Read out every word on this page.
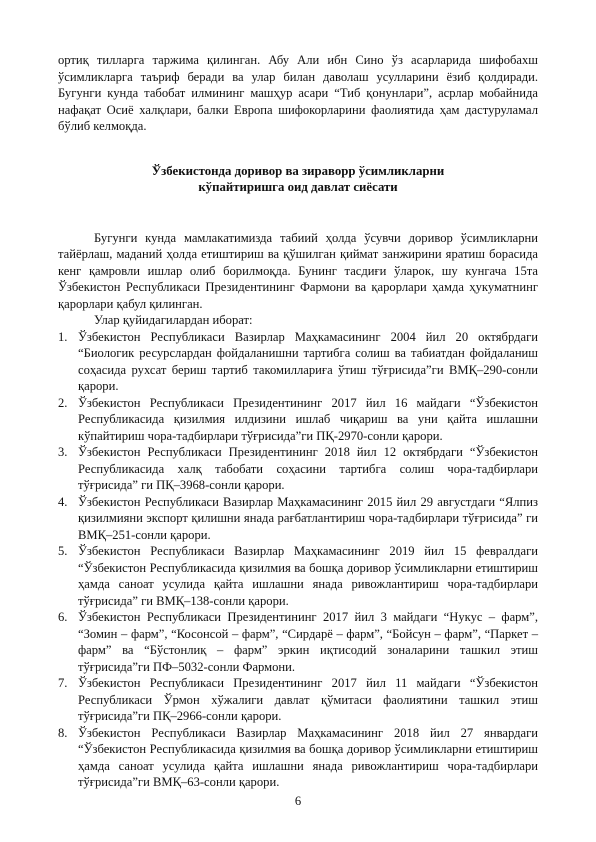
ортиқ тилларга таржима қилинган. Абу Али ибн Сино ўз асарларида шифобахш ўсимликларга таъриф беради ва улар билан даволаш усулларини ёзиб қолдиради. Бугунги кунда табобат илмининг машҳур асари “Тиб қонунлари”, асрлар мобайнида нафақат Осиё халқлари, балки Европа шифокорларини фаолиятида ҳам дастуруламал бўлиб келмоқда.

Ўзбекистонда доривор ва зираворр ўсимликларни
кўпайтиришга оид давлат сиёсати

Бугунги кунда мамлакатимизда табиий ҳолда ўсувчи доривор ўсимликларни тайёрлаш, маданий ҳолда етиштириш ва қўшилган қиймат занжирини яратиш борасида кенг қамровли ишлар олиб борилмоқда. Бунинг тасдиғи ўларок, шу кунгача 15та Ўзбекистон Республикаси Президентининг Фармони ва қарорлари ҳамда ҳукуматнинг қарорлари қабул қилинган.

Улар қуйидагилардан иборат:

1. Ўзбекистон Республикаси Вазирлар Маҳкамасининг 2004 йил 20 октябрдаги “Биологик ресурслардан фойдаланишни тартибга солиш ва табиатдан фойдаланиш соҳасида рухсат бериш тартиб такомиллариға ўтиш тўғрисида”ги ВМҚ–290-сонли қарори.
2. Ўзбекистон Республикаси Президентининг 2017 йил 16 майдаги “Ўзбекистон Республикасида қизилмия илдизини ишлаб чиқариш ва уни қайта ишлашни кўпайтириш чора-тадбирлари тўғрисида”ги ПҚ-2970-сонли қарори.
3. Ўзбекистон Республикаси Президентининг 2018 йил 12 октябрдаги “Ўзбекистон Республикасида халқ табобати соҳасини тартибга солиш чора-тадбирлари тўғрисида” ги ПҚ–3968-сонли қарори.
4. Ўзбекистон Республикаси Вазирлар Маҳкамасининг 2015 йил 29 августдаги “Ялпиз қизилмияни экспорт қилишни янада рағбатлантириш чора-тадбирлари тўғрисида” ги ВМҚ–251-сонли қарори.
5. Ўзбекистон Республикаси Вазирлар Маҳкамасининг 2019 йил 15 февралдаги “Ўзбекистон Республикасида қизилмия ва бошқа доривор ўсимликларни етиштириш ҳамда саноат усулида қайта ишлашни янада ривожлантириш чора-тадбирлари тўғрисида” ги ВМҚ–138-сонли қарори.
6. Ўзбекистон Республикаси Президентининг 2017 йил 3 майдаги “Нукус – фарм”, “Зомин – фарм”, “Косонсой – фарм”, “Сирдарё – фарм”, “Бойсун – фарм”, “Паркет – фарм” ва “Бўстонлиқ – фарм” эркин иқтисодий зоналарини ташкил этиш тўғрисида”ги ПФ–5032-сонли Фармони.
7. Ўзбекистон Республикаси Президентининг 2017 йил 11 майдаги “Ўзбекистон Республикаси Ўрмон хўжалиги давлат қўмитаси фаолиятини ташкил этиш тўғрисида”ги ПҚ–2966-сонли қарори.
8. Ўзбекистон Республикаси Вазирлар Маҳкамасининг 2018 йил 27 январдаги “Ўзбекистон Республикасида қизилмия ва бошқа доривор ўсимликларни етиштириш ҳамда саноат усулида қайта ишлашни янада ривожлантириш чора-тадбирлари тўғрисида”ги ВМҚ–63-сонли қарори.
6
